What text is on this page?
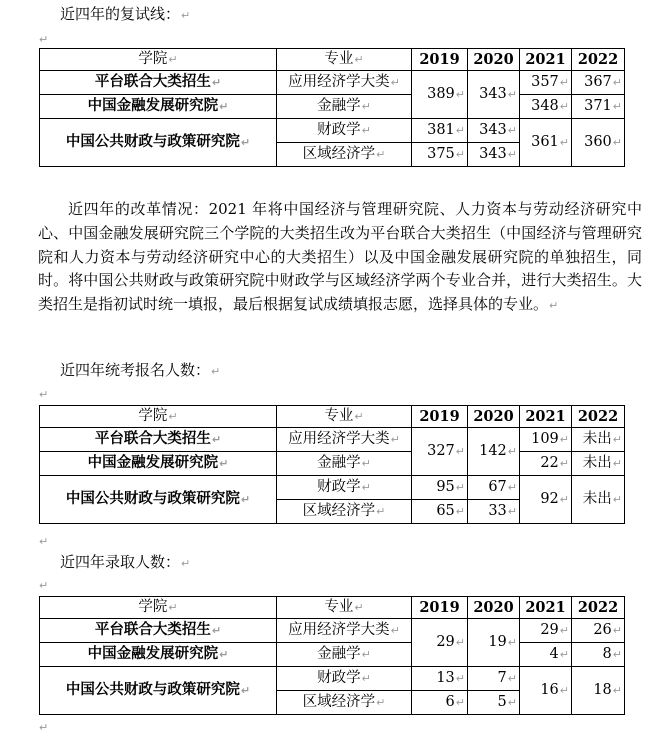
近四年的复试线：↵
↵
学院↵	专业↵	2019	2020	2021	2022
平台联合大类招生↵	应用经济学大类↵	389↵	343↵	357↵	367↵
中国金融发展研究院↵	金融学↵			348↵	371↵
中国公共财政与政策研究院↵	财政学↵	381↵	343↵	361↵	360↵
	区域经济学↵	375↵	343↵		

近四年的改革情况：2021 年将中国经济与管理研究院、人力资本与劳动经济研究中心、中国金融发展研究院三个学院的大类招生改为平台联合大类招生（中国经济与管理研究院和人力资本与劳动经济研究中心的大类招生）以及中国金融发展研究院的单独招生，同时。将中国公共财政与政策研究院中财政学与区域经济学两个专业合并，进行大类招生。大类招生是指初试时统一填报，最后根据复试成绩填报志愿，选择具体的专业。↵

近四年统考报名人数：↵
↵
学院↵	专业↵	2019	2020	2021	2022
平台联合大类招生↵	应用经济学大类↵	327↵	142↵	109↵	未出↵
中国金融发展研究院↵	金融学↵			22↵	未出↵
中国公共财政与政策研究院↵	财政学↵	95↵	67↵	92↵	未出↵
	区域经济学↵	65↵	33↵		
↵
近四年录取人数：↵
↵
学院↵	专业↵	2019	2020	2021	2022
平台联合大类招生↵	应用经济学大类↵	29↵	19↵	29↵	26↵
中国金融发展研究院↵	金融学↵			4↵	8↵
中国公共财政与政策研究院↵	财政学↵	13↵	7↵	16↵	18↵
	区域经济学↵	6↵	5↵		
↵
